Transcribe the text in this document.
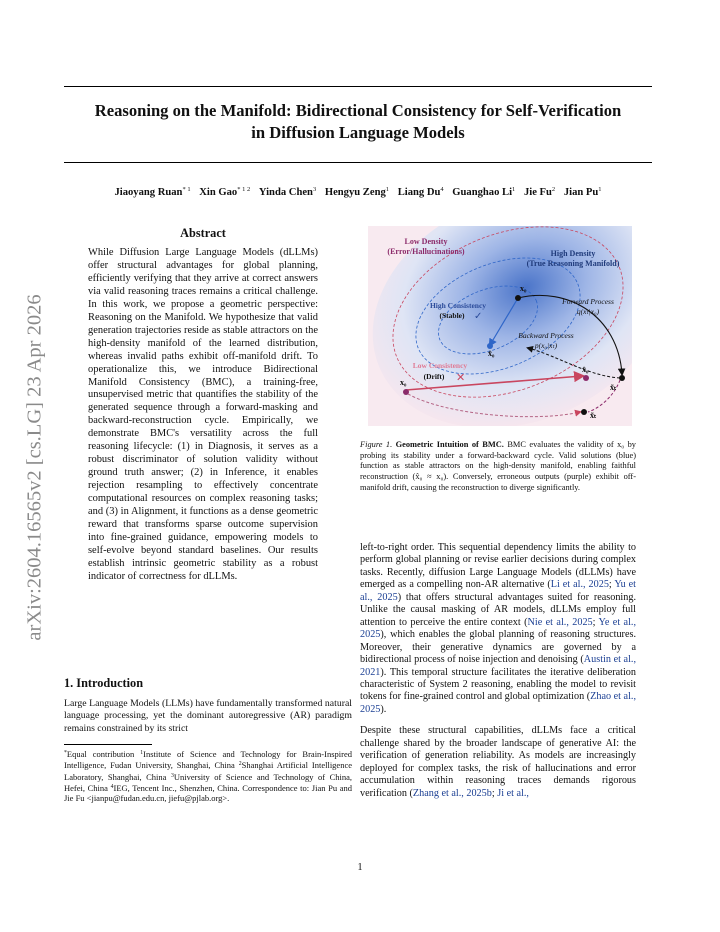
Reasoning on the Manifold: Bidirectional Consistency for Self-Verification
in Diffusion Language Models
Jiaoyang Ruan$^{* 1}$ Xin Gao$^{* 1 2}$ Yinda Chen$^3$ Hengyu Zeng$^1$ Liang Du$^4$ Guanghao Li$^1$ Jie Fu$^2$ Jian Pu$^1$
arXiv:2604.16565v2 [cs.LG] 23 Apr 2026
Abstract
While Diffusion Large Language Models (dLLMs) offer structural advantages for global planning, efficiently verifying that they arrive at correct answers via valid reasoning traces remains a critical challenge. In this work, we propose a geometric perspective: Reasoning on the Manifold. We hypothesize that valid generation trajectories reside as stable attractors on the high-density manifold of the learned distribution, whereas invalid paths exhibit off-manifold drift. To operationalize this, we introduce Bidirectional Manifold Consistency (BMC), a training-free, unsupervised metric that quantifies the stability of the generated sequence through a forward-masking and backward-reconstruction cycle. Empirically, we demonstrate BMC's versatility across the full reasoning lifecycle: (1) in Diagnosis, it serves as a robust discriminator of solution validity without ground truth answer; (2) in Inference, it enables rejection resampling to effectively concentrate computational resources on complex reasoning tasks; and (3) in Alignment, it functions as a dense geometric reward that transforms sparse outcome supervision into fine-grained guidance, empowering models to self-evolve beyond standard baselines. Our results establish intrinsic geometric stability as a robust indicator of correctness for dLLMs.
1. Introduction
Large Language Models (LLMs) have fundamentally transformed natural language processing, yet the dominant autoregressive (AR) paradigm remains constrained by its strict
*Equal contribution $^1$Institute of Science and Technology for Brain-Inspired Intelligence, Fudan University, Shanghai, China $^2$Shanghai Artificial Intelligence Laboratory, Shanghai, China $^3$University of Science and Technology of China, Hefei, China $^4$IEG, Tencent Inc., Shenzhen, China. Correspondence to: Jian Pu and Jie Fu <jianpu@fudan.edu.cn, jiefu@pjlab.org>.
Low Density
(Error/Hallucinations)	High Density
(True Reasoning Manifold)
High Consistency
(Stable) ✓
Low Consistency
(Drift) ✕
Forward Process
q(xₜ|x₀)
Backward Process
p(x₀|xₜ)
x₀
x̂₀
x̃ₜ
x₀
x̂₀
x̃ₜ
Figure 1. Geometric Intuition of BMC. BMC evaluates the validity of x₀ by probing its stability under a forward-backward cycle. Valid solutions (blue) function as stable attractors on the high-density manifold, enabling faithful reconstruction (x̂₀ ≈ x₀). Conversely, erroneous outputs (purple) exhibit off-manifold drift, causing the reconstruction to diverge significantly.

left-to-right order. This sequential dependency limits the ability to perform global planning or revise earlier decisions during complex tasks. Recently, diffusion Large Language Models (dLLMs) have emerged as a compelling non-AR alternative (Li et al., 2025; Yu et al., 2025) that offers structural advantages suited for reasoning. Unlike the causal masking of AR models, dLLMs employ full attention to perceive the entire context (Nie et al., 2025; Ye et al., 2025), which enables the global planning of reasoning structures. Moreover, their generative dynamics are governed by a bidirectional process of noise injection and denoising (Austin et al., 2021). This temporal structure facilitates the iterative deliberation characteristic of System 2 reasoning, enabling the model to revisit tokens for fine-grained control and global optimization (Zhao et al., 2025).

Despite these structural capabilities, dLLMs face a critical challenge shared by the broader landscape of generative AI: the verification of generation reliability. As models are increasingly deployed for complex tasks, the risk of hallucinations and error accumulation within reasoning traces demands rigorous verification (Zhang et al., 2025b; Ji et al.,

1
